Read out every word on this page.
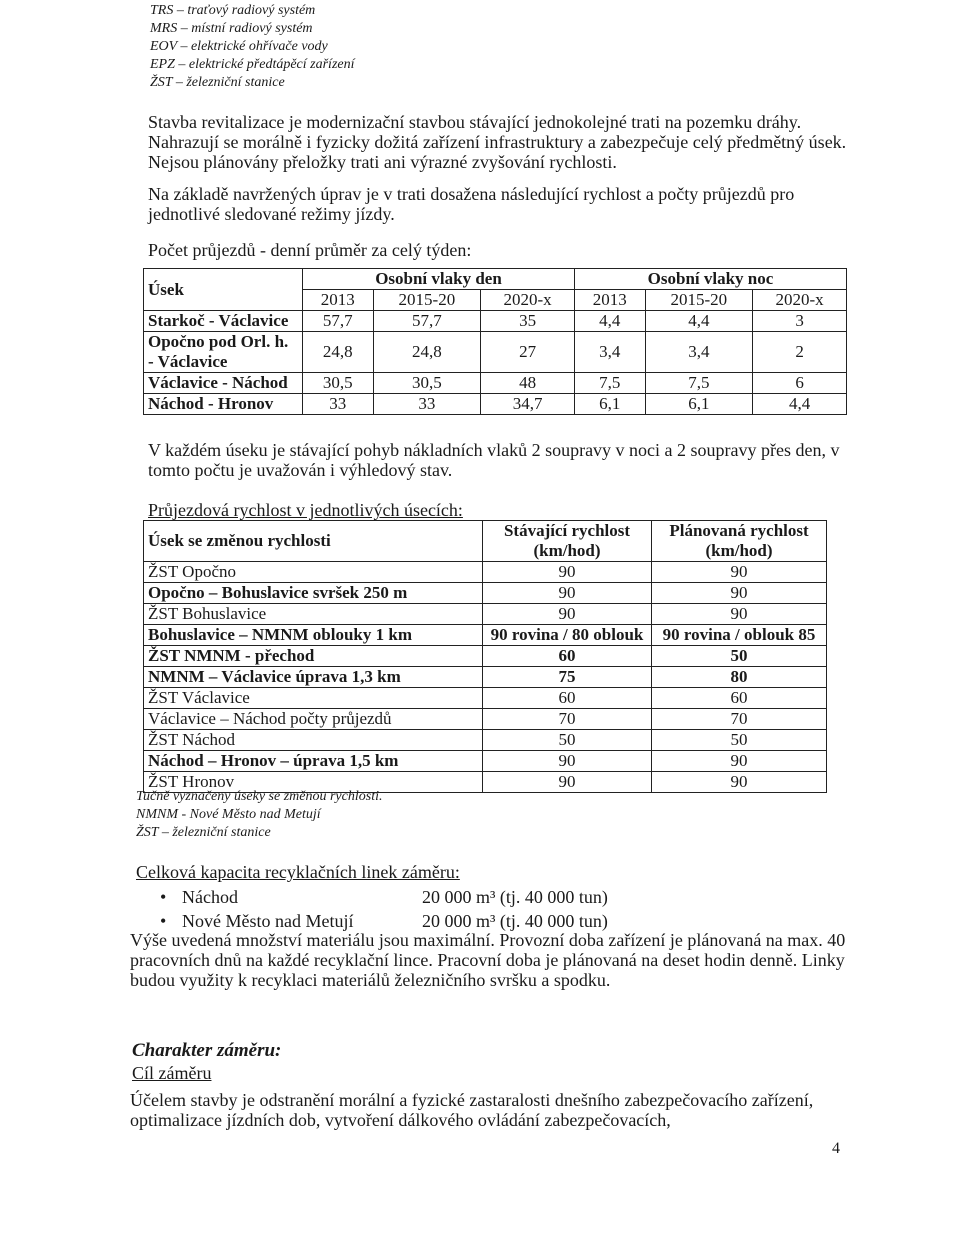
TRS – traťový radiový systém
MRS – místní radiový systém
EOV – elektrické ohřívače vody
EPZ – elektrické předtápěcí zařízení
ŽST – železniční stanice
Stavba revitalizace je modernizační stavbou stávající jednokolejné trati na pozemku dráhy. Nahrazují se morálně i fyzicky dožitá zařízení infrastruktury a zabezpečuje celý předmětný úsek. Nejsou plánovány přeložky trati ani výrazné zvyšování rychlosti.
Na základě navržených úprav je v trati dosažena následující rychlost a počty průjezdů pro jednotlivé sledované režimy jízdy.
Počet průjezdů - denní průměr za celý týden:
Úsek	Osobní vlaky den			Osobní vlaky noc		
	2013	2015-20	2020-x	2013	2015-20	2020-x
Starkoč - Václavice	57,7	57,7	35	4,4	4,4	3
Opočno pod Orl. h. - Václavice	24,8	24,8	27	3,4	3,4	2
Václavice - Náchod	30,5	30,5	48	7,5	7,5	6
Náchod - Hronov	33	33	34,7	6,1	6,1	4,4
V každém úseku je stávající pohyb nákladních vlaků 2 soupravy v noci a 2 soupravy přes den, v tomto počtu je uvažován i výhledový stav.
Průjezdová rychlost v jednotlivých úsecích:
Úsek se změnou rychlosti	Stávající rychlost (km/hod)	Plánovaná rychlost (km/hod)
ŽST Opočno	90	90
Opočno – Bohuslavice svršek 250 m	90	90
ŽST Bohuslavice	90	90
Bohuslavice – NMNM oblouky 1 km	90 rovina / 80 oblouk	90 rovina / oblouk 85
ŽST NMNM - přechod	60	50
NMNM – Václavice úprava 1,3 km	75	80
ŽST Václavice	60	60
Václavice – Náchod počty průjezdů	70	70
ŽST Náchod	50	50
Náchod – Hronov – úprava 1,5 km	90	90
ŽST Hronov	90	90
Tučně vyznačeny úseky se změnou rychlosti.
NMNM - Nové Město nad Metují
ŽST – železniční stanice
Celková kapacita recyklačních linek záměru:
• Náchod	20 000 m³ (tj. 40 000 tun)
• Nové Město nad Metují	20 000 m³ (tj. 40 000 tun)
Výše uvedená množství materiálu jsou maximální. Provozní doba zařízení je plánovaná na max. 40 pracovních dnů na každé recyklační lince. Pracovní doba je plánovaná na deset hodin denně. Linky budou využity k recyklaci materiálů železničního svršku a spodku.
Charakter záměru:
Cíl záměru
Účelem stavby je odstranění morální a fyzické zastaralosti dnešního zabezpečovacího zařízení, optimalizace jízdních dob, vytvoření dálkového ovládání zabezpečovacích,
4
